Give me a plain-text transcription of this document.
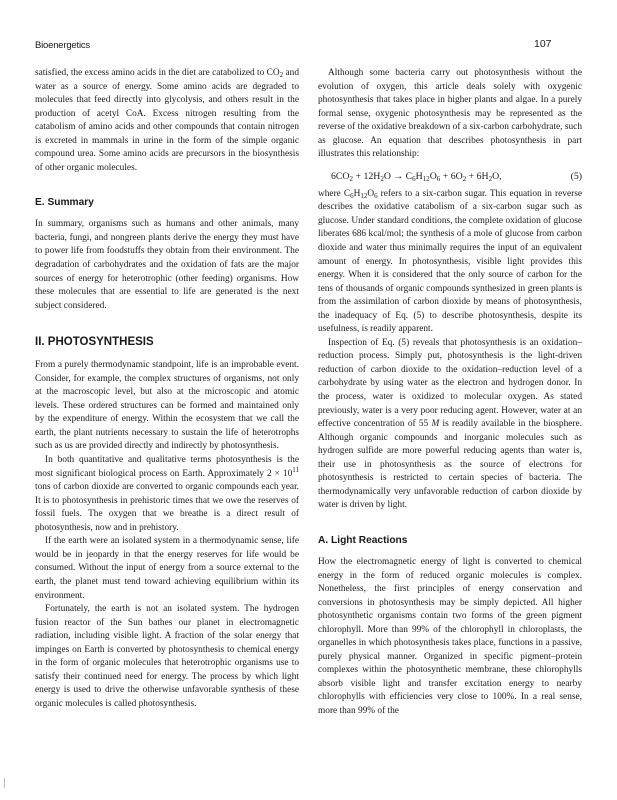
Bioenergetics	107

satisfied, the excess amino acids in the diet are catabolized to $CO_2$ and water as a source of energy. Some amino acids are degraded to molecules that feed directly into glycolysis, and others result in the production of acetyl CoA. Excess nitrogen resulting from the catabolism of amino acids and other compounds that contain nitrogen is excreted in mammals in urine in the form of the simple organic compound urea. Some amino acids are precursors in the biosynthesis of other organic molecules.

E. Summary

In summary, organisms such as humans and other animals, many bacteria, fungi, and nongreen plants derive the energy they must have to power life from foodstuffs they obtain from their environment. The degradation of carbohydrates and the oxidation of fats are the major sources of energy for heterotrophic (other feeding) organisms. How these molecules that are essential to life are generated is the next subject considered.

II. PHOTOSYNTHESIS

From a purely thermodynamic standpoint, life is an improbable event. Consider, for example, the complex structures of organisms, not only at the macroscopic level, but also at the microscopic and atomic levels. These ordered structures can be formed and maintained only by the expenditure of energy. Within the ecosystem that we call the earth, the plant nutrients necessary to sustain the life of heterotrophs such as us are provided directly and indirectly by photosynthesis.

In both quantitative and qualitative terms photosynthesis is the most significant biological process on Earth. Approximately $2 \times 10^{11}$ tons of carbon dioxide are converted to organic compounds each year. It is to photosynthesis in prehistoric times that we owe the reserves of fossil fuels. The oxygen that we breathe is a direct result of photosynthesis, now and in prehistory.

If the earth were an isolated system in a thermodynamic sense, life would be in jeopardy in that the energy reserves for life would be consumed. Without the input of energy from a source external to the earth, the planet must tend toward achieving equilibrium within its environment.

Fortunately, the earth is not an isolated system. The hydrogen fusion reactor of the Sun bathes our planet in electromagnetic radiation, including visible light. A fraction of the solar energy that impinges on Earth is converted by photosynthesis to chemical energy in the form of organic molecules that heterotrophic organisms use to satisfy their continued need for energy. The process by which light energy is used to drive the otherwise unfavorable synthesis of these organic molecules is called photosynthesis.

Although some bacteria carry out photosynthesis without the evolution of oxygen, this article deals solely with oxygenic photosynthesis that takes place in higher plants and algae. In a purely formal sense, oxygenic photosynthesis may be represented as the reverse of the oxidative breakdown of a six-carbon carbohydrate, such as glucose. An equation that describes photosynthesis in part illustrates this relationship:

$6CO_2 + 12H_2O \to C_6H_{12}O_6 + 6O_2 + 6H_2O$,	(5)

where $C_6H_{12}O_6$ refers to a six-carbon sugar. This equation in reverse describes the oxidative catabolism of a six-carbon sugar such as glucose. Under standard conditions, the complete oxidation of glucose liberates 686 kcal/mol; the synthesis of a mole of glucose from carbon dioxide and water thus minimally requires the input of an equivalent amount of energy. In photosynthesis, visible light provides this energy. When it is considered that the only source of carbon for the tens of thousands of organic compounds synthesized in green plants is from the assimilation of carbon dioxide by means of photosynthesis, the inadequacy of Eq. (5) to describe photosynthesis, despite its usefulness, is readily apparent.

Inspection of Eq. (5) reveals that photosynthesis is an oxidation–reduction process. Simply put, photosynthesis is the light-driven reduction of carbon dioxide to the oxidation–reduction level of a carbohydrate by using water as the electron and hydrogen donor. In the process, water is oxidized to molecular oxygen. As stated previously, water is a very poor reducing agent. However, water at an effective concentration of 55 M is readily available in the biosphere. Although organic compounds and inorganic molecules such as hydrogen sulfide are more powerful reducing agents than water is, their use in photosynthesis as the source of electrons for photosynthesis is restricted to certain species of bacteria. The thermodynamically very unfavorable reduction of carbon dioxide by water is driven by light.

A. Light Reactions

How the electromagnetic energy of light is converted to chemical energy in the form of reduced organic molecules is complex. Nonetheless, the first principles of energy conservation and conversions in photosynthesis may be simply depicted. All higher photosynthetic organisms contain two forms of the green pigment chlorophyll. More than 99% of the chlorophyll in chloroplasts, the organelles in which photosynthesis takes place, functions in a passive, purely physical manner. Organized in specific pigment–protein complexes within the photosynthetic membrane, these chlorophylls absorb visible light and transfer excitation energy to nearby chlorophylls with efficiencies very close to 100%. In a real sense, more than 99% of the
